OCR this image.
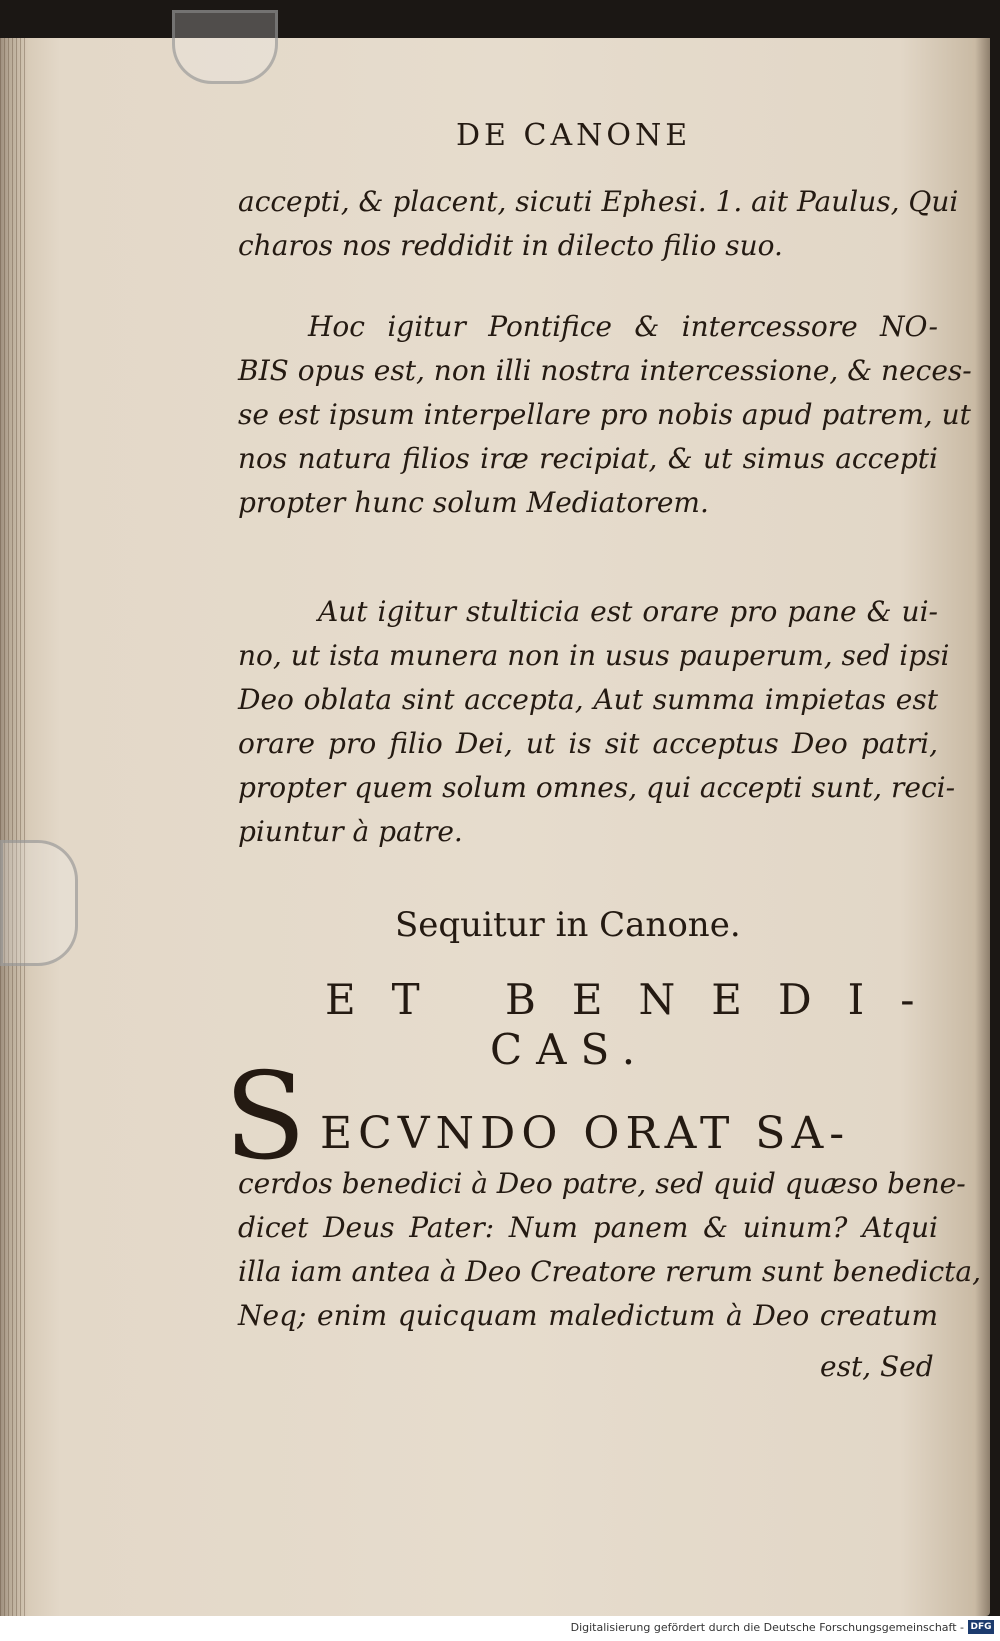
DE CANONE
accepti, & placent, sicuti Ephesi. 1. ait Paulus, Qui
charos nos reddidit in dilecto filio suo.
Hoc igitur Pontifice & intercessore NO-
BIS opus est, non illi nostra intercessione, & neces-
se est ipsum interpellare pro nobis apud patrem, ut
nos natura filios iræ recipiat, & ut simus accepti
propter hunc solum Mediatorem.
Aut igitur stulticia est orare pro pane & ui-
no, ut ista munera non in usus pauperum, sed ipsi
Deo oblata sint accepta, Aut summa impietas est
orare pro filio Dei, ut is sit acceptus Deo patri,
propter quem solum omnes, qui accepti sunt, reci-
piuntur à patre.
Sequitur in Canone.
ET BENEDI-
CAS.
S ECVNDO ORAT SA-
cerdos benedici à Deo patre, sed quid quæso bene-
dicet Deus Pater: Num panem & uinum? Atqui
illa iam antea à Deo Creatore rerum sunt benedicta,
Neq; enim quicquam maledictum à Deo creatum
est, Sed
Digitalisierung gefördert durch die Deutsche Forschungsgemeinschaft - DFG
